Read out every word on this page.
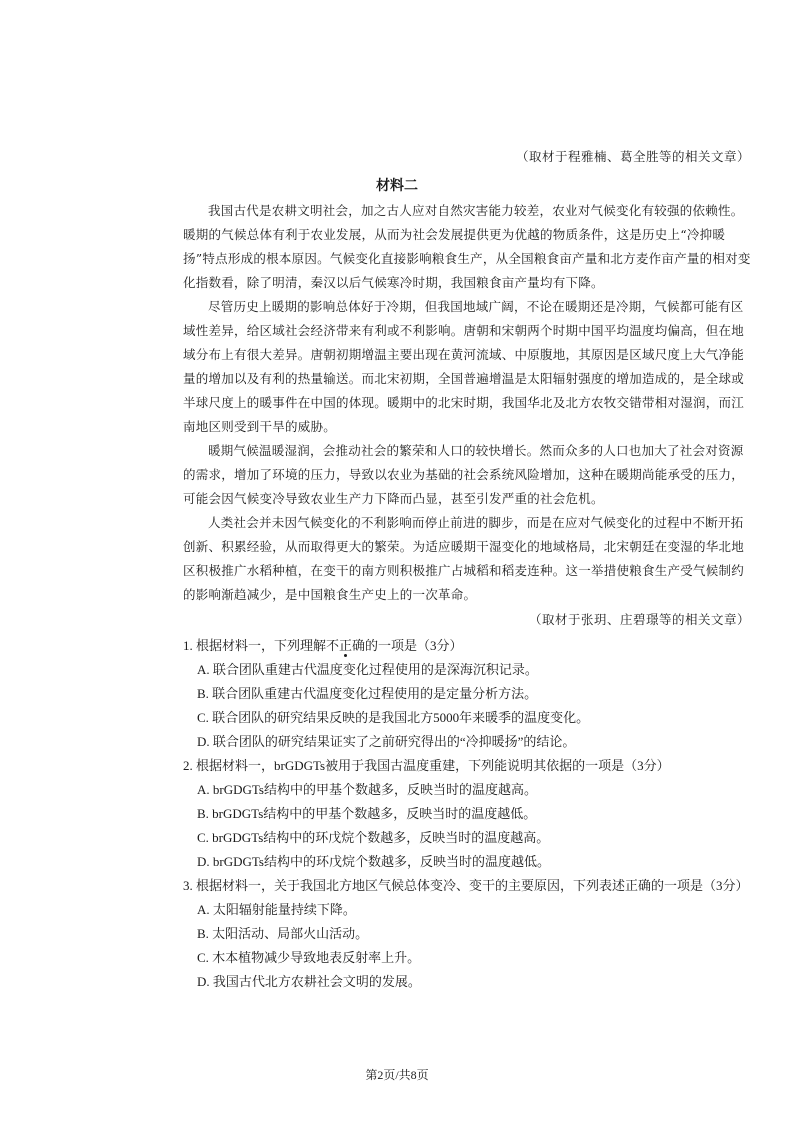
（取材于程雅楠、葛全胜等的相关文章）
材料二

我国古代是农耕文明社会，加之古人应对自然灾害能力较差，农业对气候变化有较强的依赖性。暖期的气候总体有利于农业发展，从而为社会发展提供更为优越的物质条件，这是历史上“冷抑暖扬”特点形成的根本原因。气候变化直接影响粮食生产，从全国粮食亩产量和北方麦作亩产量的相对变化指数看，除了明清，秦汉以后气候寒冷时期，我国粮食亩产量均有下降。

尽管历史上暖期的影响总体好于冷期，但我国地域广阔，不论在暖期还是冷期，气候都可能有区域性差异，给区域社会经济带来有利或不利影响。唐朝和宋朝两个时期中国平均温度均偏高，但在地域分布上有很大差异。唐朝初期增温主要出现在黄河流域、中原腹地，其原因是区域尺度上大气净能量的增加以及有利的热量输送。而北宋初期，全国普遍增温是太阳辐射强度的增加造成的，是全球或半球尺度上的暖事件在中国的体现。暖期中的北宋时期，我国华北及北方农牧交错带相对湿润，而江南地区则受到干旱的威胁。

暖期气候温暖湿润，会推动社会的繁荣和人口的较快增长。然而众多的人口也加大了社会对资源的需求，增加了环境的压力，导致以农业为基础的社会系统风险增加，这种在暖期尚能承受的压力，可能会因气候变冷导致农业生产力下降而凸显，甚至引发严重的社会危机。

人类社会并未因气候变化的不利影响而停止前进的脚步，而是在应对气候变化的过程中不断开拓创新、积累经验，从而取得更大的繁荣。为适应暖期干湿变化的地域格局，北宋朝廷在变湿的华北地区积极推广水稻种植，在变干的南方则积极推广占城稻和稻麦连种。这一举措使粮食生产受气候制约的影响渐趋减少，是中国粮食生产史上的一次革命。

（取材于张玥、庄碧璟等的相关文章）
1. 根据材料一，下列理解不正确的一项是（3分）
A. 联合团队重建古代温度变化过程使用的是深海沉积记录。
B. 联合团队重建古代温度变化过程使用的是定量分析方法。
C. 联合团队的研究结果反映的是我国北方5000年来暖季的温度变化。
D. 联合团队的研究结果证实了之前研究得出的“冷抑暖扬”的结论。
2. 根据材料一，brGDGTs被用于我国古温度重建，下列能说明其依据的一项是（3分）
A. brGDGTs结构中的甲基个数越多，反映当时的温度越高。
B. brGDGTs结构中的甲基个数越多，反映当时的温度越低。
C. brGDGTs结构中的环戊烷个数越多，反映当时的温度越高。
D. brGDGTs结构中的环戊烷个数越多，反映当时的温度越低。
3. 根据材料一，关于我国北方地区气候总体变冷、变干的主要原因，下列表述正确的一项是（3分）
A. 太阳辐射能量持续下降。
B. 太阳活动、局部火山活动。
C. 木本植物减少导致地表反射率上升。
D. 我国古代北方农耕社会文明的发展。
第2页/共8页
